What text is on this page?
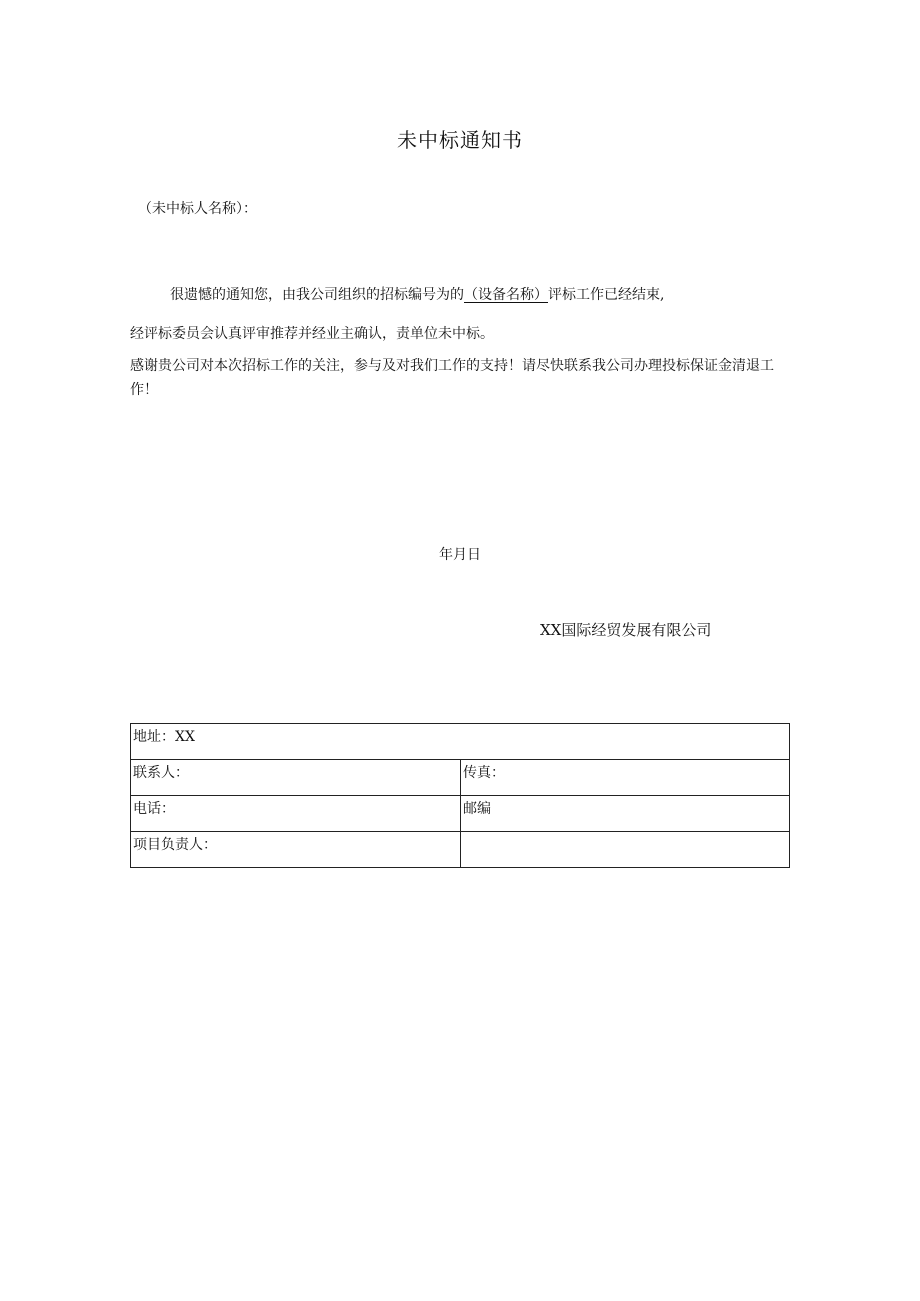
未中标通知书
（未中标人名称）：
很遗憾的通知您，由我公司组织的招标编号为的（设备名称）评标工作已经结束,
经评标委员会认真评审推荐并经业主确认，责单位未中标。
感谢贵公司对本次招标工作的关注，参与及对我们工作的支持！请尽快联系我公司办理投标保证金清退工作！
年月日
XX国际经贸发展有限公司
地址：XX	
联系人：	传真：
电话：	邮编
项目负责人：	
